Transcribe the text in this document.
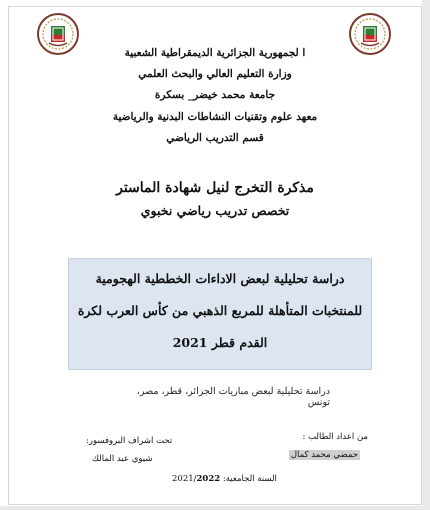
ا لجمهورية الجزائرية الديمقراطية الشعبية
وزارة التعليم العالي والبحث العلمي
جامعة محمد خيضر_ بسكرة
معهد علوم وتقنيات النشاطات البدنية والرياضية
قسم التدريب الرياضي
مذكرة التخرج لنيل شهادة الماستر
تخصص تدريب رياضي نخبوي
دراسة تحليلية لبعض الاداءات الخططية الهجومية
للمنتخبات المتأهلة للمربع الذهبي من كأس العرب لكرة
القدم قطر 2021
دراسة تحليلية لبعض مباريات الجزائر، قطر، مصر، تونس
من اعداد الطالب :
حمضي محمد كمال
تحت اشراف البروفسور:
شيوي عبد المالك
السنة الجامعية: 2021/2022
